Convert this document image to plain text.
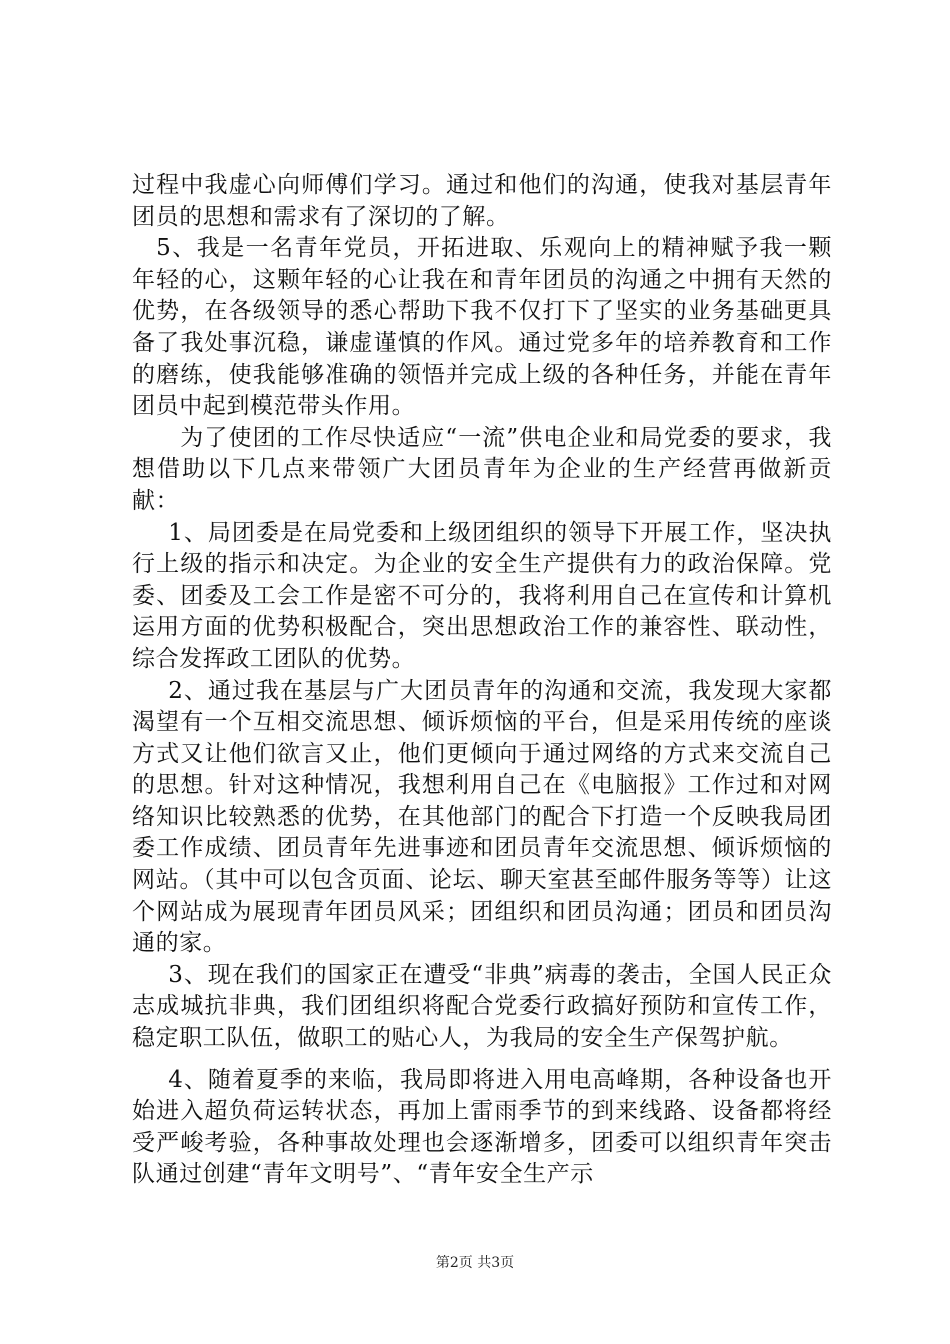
过程中我虚心向师傅们学习。通过和他们的沟通，使我对基层青年团员的思想和需求有了深切的了解。

5、我是一名青年党员，开拓进取、乐观向上的精神赋予我一颗年轻的心，这颗年轻的心让我在和青年团员的沟通之中拥有天然的优势，在各级领导的悉心帮助下我不仅打下了坚实的业务基础更具备了我处事沉稳，谦虚谨慎的作风。通过党多年的培养教育和工作的磨练，使我能够准确的领悟并完成上级的各种任务，并能在青年团员中起到模范带头作用。

为了使团的工作尽快适应“一流”供电企业和局党委的要求，我想借助以下几点来带领广大团员青年为企业的生产经营再做新贡献：

1、局团委是在局党委和上级团组织的领导下开展工作，坚决执行上级的指示和决定。为企业的安全生产提供有力的政治保障。党委、团委及工会工作是密不可分的，我将利用自己在宣传和计算机运用方面的优势积极配合，突出思想政治工作的兼容性、联动性，综合发挥政工团队的优势。

2、通过我在基层与广大团员青年的沟通和交流，我发现大家都渴望有一个互相交流思想、倾诉烦恼的平台，但是采用传统的座谈方式又让他们欲言又止，他们更倾向于通过网络的方式来交流自己的思想。针对这种情况，我想利用自己在《电脑报》工作过和对网络知识比较熟悉的优势，在其他部门的配合下打造一个反映我局团委工作成绩、团员青年先进事迹和团员青年交流思想、倾诉烦恼的网站。（其中可以包含页面、论坛、聊天室甚至邮件服务等等）让这个网站成为展现青年团员风采；团组织和团员沟通；团员和团员沟通的家。

3、现在我们的国家正在遭受“非典”病毒的袭击，全国人民正众志成城抗非典，我们团组织将配合党委行政搞好预防和宣传工作，稳定职工队伍，做职工的贴心人，为我局的安全生产保驾护航。

4、随着夏季的来临，我局即将进入用电高峰期，各种设备也开始进入超负荷运转状态，再加上雷雨季节的到来线路、设备都将经受严峻考验，各种事故处理也会逐渐增多，团委可以组织青年突击队通过创建“青年文明号”、“青年安全生产示

第2页 共3页
